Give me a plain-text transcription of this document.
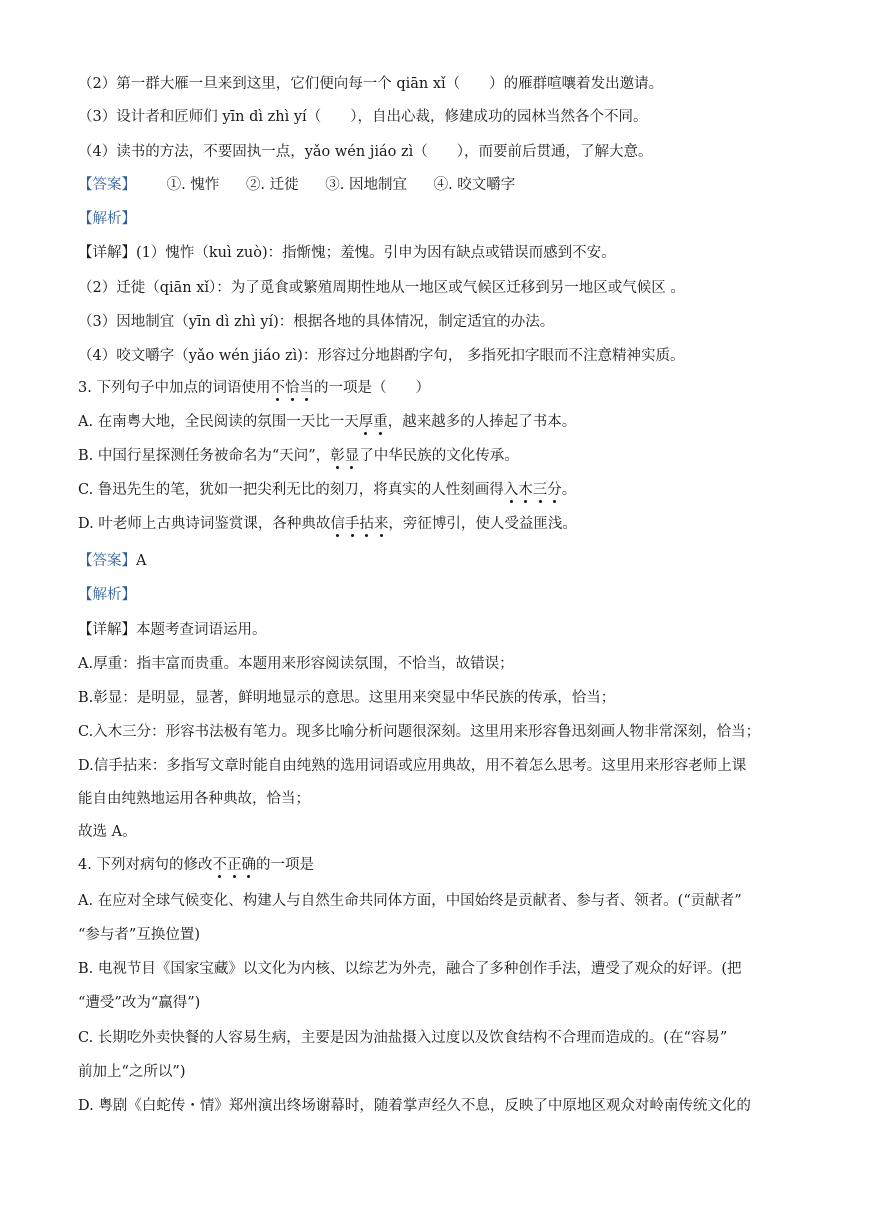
（2）第一群大雁一旦来到这里，它们便向每一个 qiān xǐ（　　）的雁群喧嚷着发出邀请。
（3）设计者和匠师们 yīn dì zhì yí（　　），自出心裁，修建成功的园林当然各个不同。
（4）读书的方法，不要固执一点，yǎo wén jiáo zì（　　），而要前后贯通，了解大意。
【答案】 ①. 愧怍 ②. 迁徙 ③. 因地制宜 ④. 咬文嚼字
【解析】
【详解】(1）愧怍（kuì zuò)：指惭愧；羞愧。引申为因有缺点或错误而感到不安。
（2）迁徙（qiān xǐ）：为了觅食或繁殖周期性地从一地区或气候区迁移到另一地区或气候区 。
（3）因地制宜（yīn dì zhì yí)：根据各地的具体情况，制定适宜的办法。
（4）咬文嚼字（yǎo wén jiáo zì)：形容过分地斟酌字句， 多指死扣字眼而不注意精神实质。
3. 下列句子中加点的词语使用不恰当的一项是（　　）
A. 在南粤大地，全民阅读的氛围一天比一天厚重，越来越多的人捧起了书本。
B. 中国行星探测任务被命名为“天问”，彰显了中华民族的文化传承。
C. 鲁迅先生的笔，犹如一把尖利无比的刻刀，将真实的人性刻画得入木三分。
D. 叶老师上古典诗词鉴赏课，各种典故信手拈来，旁征博引，使人受益匪浅。
【答案】A
【解析】
【详解】本题考查词语运用。
A.厚重：指丰富而贵重。本题用来形容阅读氛围，不恰当，故错误；
B.彰显：是明显，显著，鲜明地显示的意思。这里用来突显中华民族的传承，恰当；
C.入木三分：形容书法极有笔力。现多比喻分析问题很深刻。这里用来形容鲁迅刻画人物非常深刻，恰当；
D.信手拈来：多指写文章时能自由纯熟的选用词语或应用典故，用不着怎么思考。这里用来形容老师上课
能自由纯熟地运用各种典故，恰当；
故选 A。
4. 下列对病句的修改不正确的一项是
A. 在应对全球气候变化、构建人与自然生命共同体方面，中国始终是贡献者、参与者、领者。(“贡献者”
“参与者”互换位置)
B. 电视节目《国家宝藏》以文化为内核、以综艺为外壳，融合了多种创作手法，遭受了观众的好评。(把
“遭受”改为“赢得”)
C. 长期吃外卖快餐的人容易生病，主要是因为油盐摄入过度以及饮食结构不合理而造成的。(在“容易”
前加上“之所以”)
D. 粤剧《白蛇传・情》郑州演出终场谢幕时，随着掌声经久不息，反映了中原地区观众对岭南传统文化的
